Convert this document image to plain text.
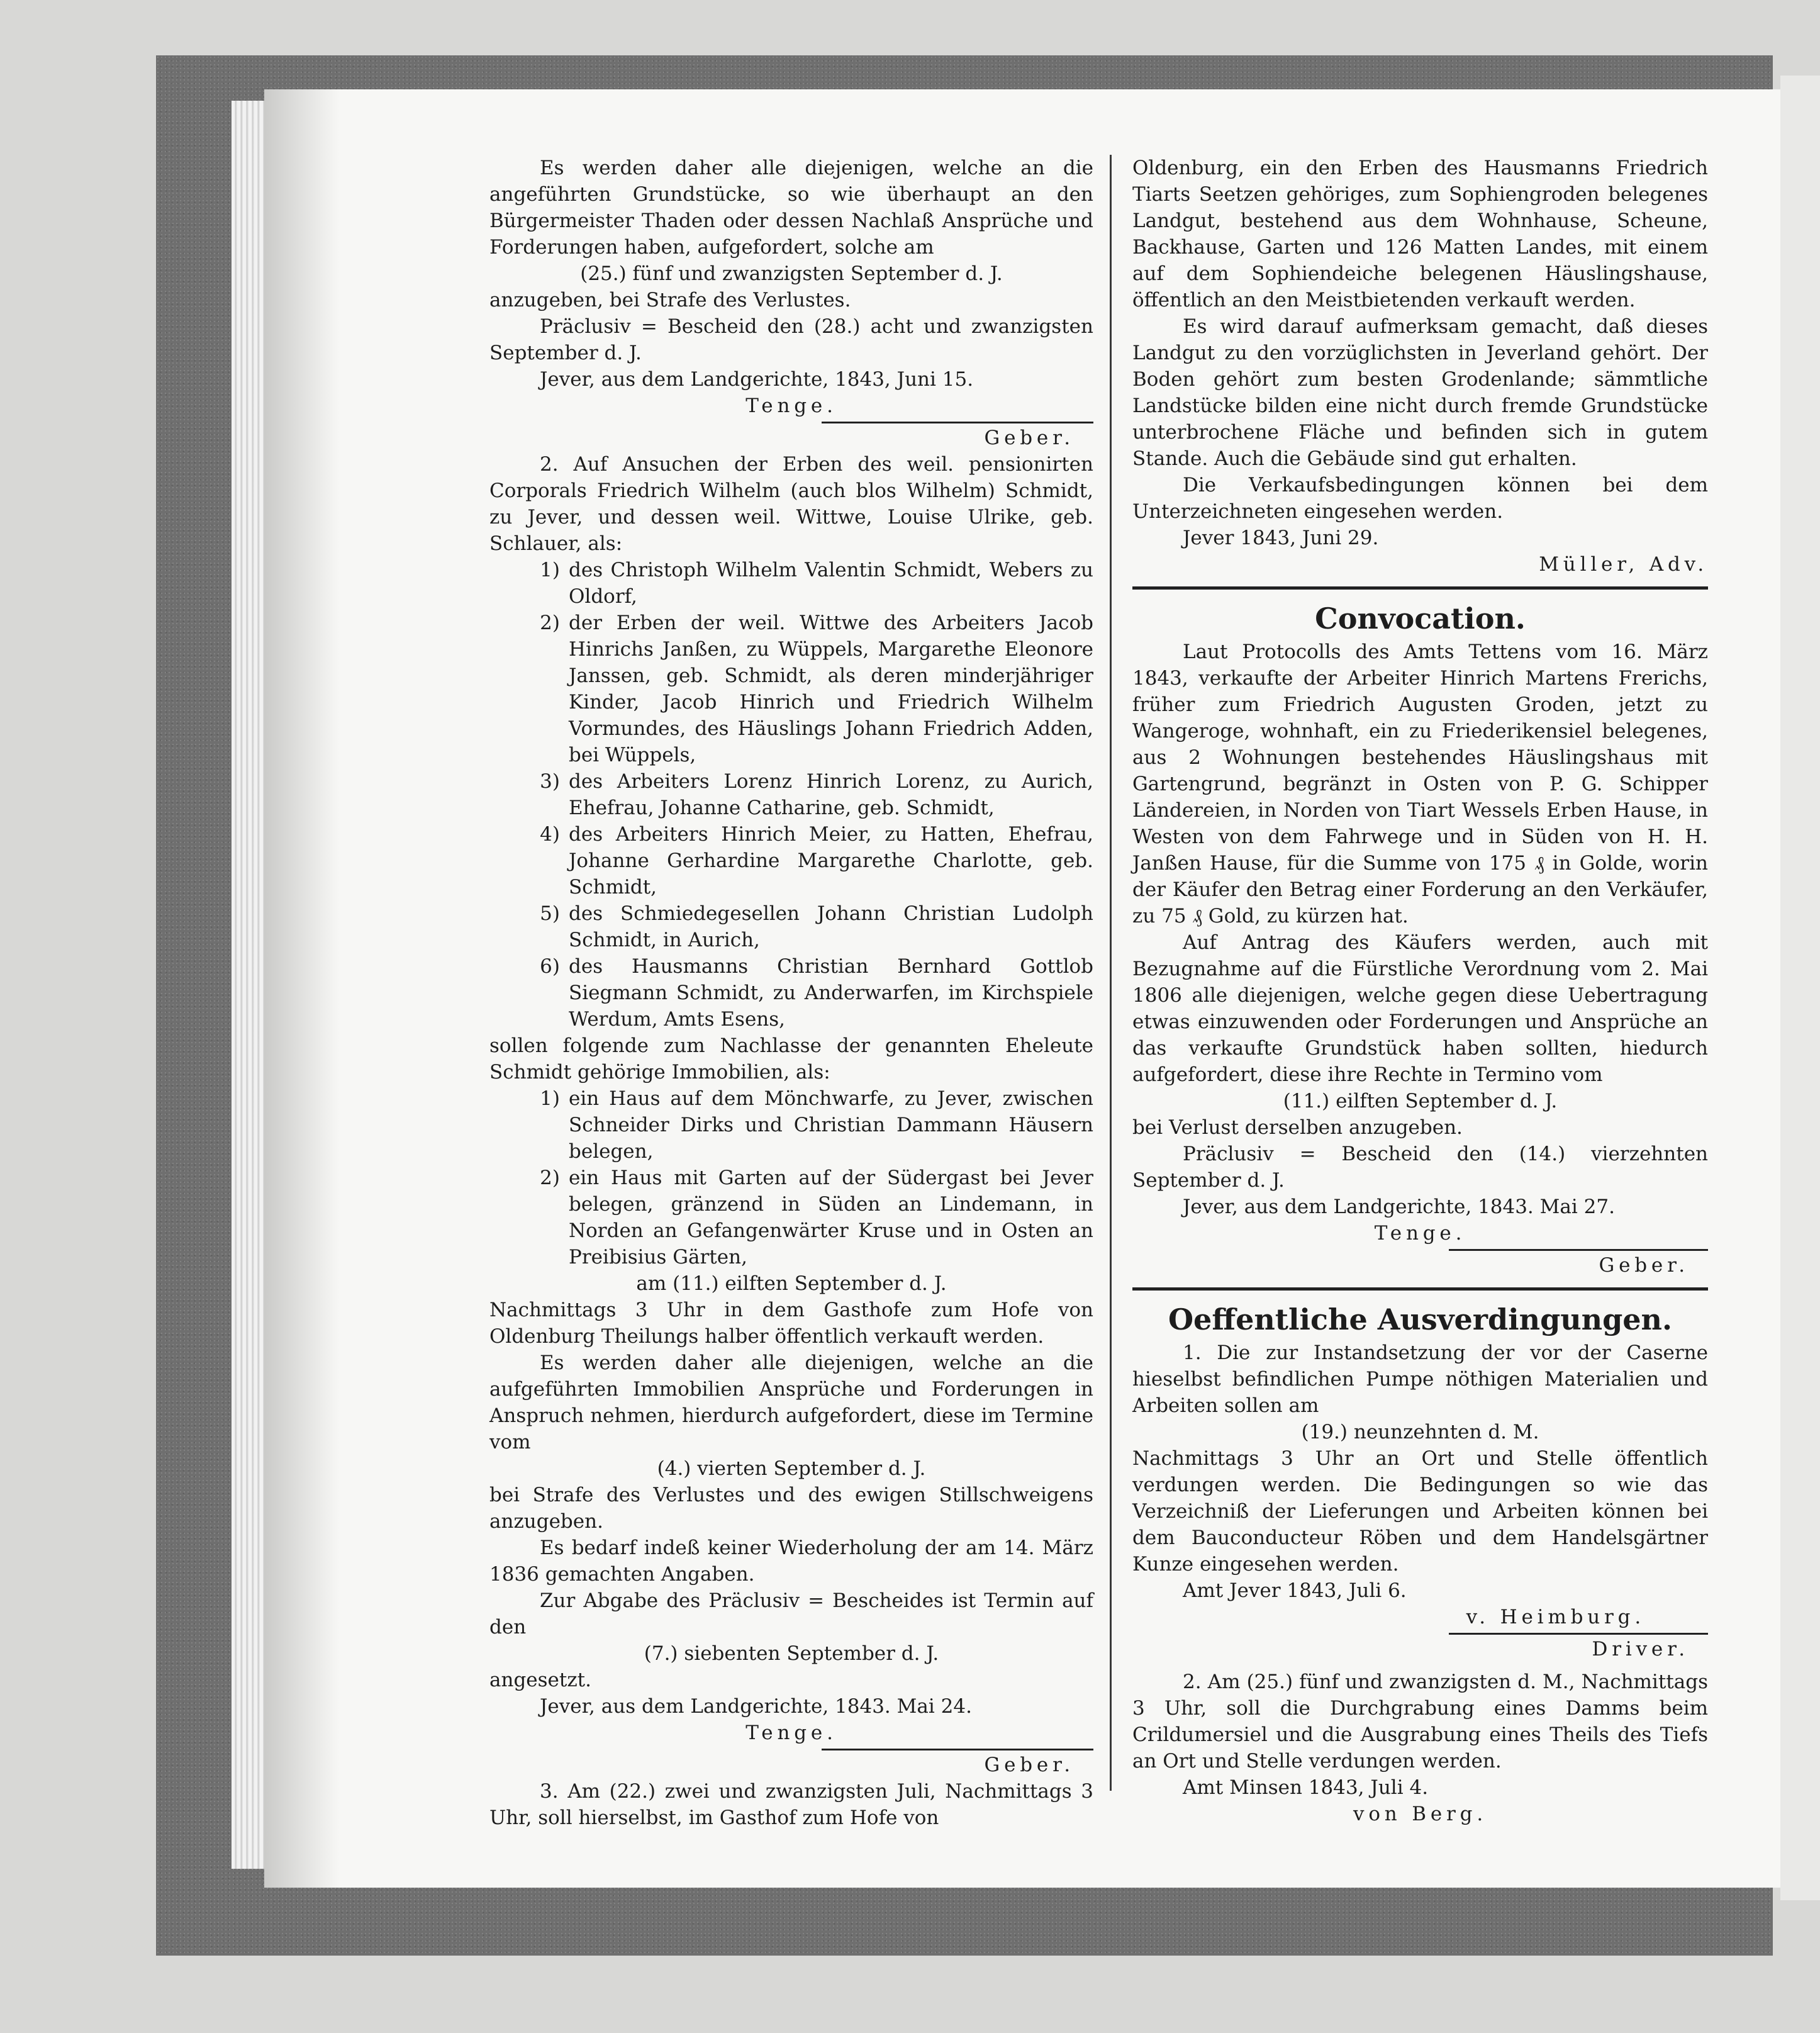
Es werden daher alle diejenigen, welche an die angeführten Grundstücke, so wie überhaupt an den Bürgermeister Thaden oder dessen Nachlaß Ansprüche und Forderungen haben, aufgefordert, solche am

(25.) fünf und zwanzigsten September d. J.

anzugeben, bei Strafe des Verlustes.

Präclusiv = Bescheid den (28.) acht und zwanzigsten September d. J.

Jever, aus dem Landgerichte, 1843, Juni 15.

Tenge.

Geber.

2. Auf Ansuchen der Erben des weil. pensionirten Corporals Friedrich Wilhelm (auch blos Wilhelm) Schmidt, zu Jever, und dessen weil. Wittwe, Louise Ulrike, geb. Schlauer, als:

1) des Christoph Wilhelm Valentin Schmidt, Webers zu Oldorf,
2) der Erben der weil. Wittwe des Arbeiters Jacob Hinrichs Janßen, zu Wüppels, Margarethe Eleonore Janssen, geb. Schmidt, als deren minderjähriger Kinder, Jacob Hinrich und Friedrich Wilhelm Vormundes, des Häuslings Johann Friedrich Adden, bei Wüppels,
3) des Arbeiters Lorenz Hinrich Lorenz, zu Aurich, Ehefrau, Johanne Catharine, geb. Schmidt,
4) des Arbeiters Hinrich Meier, zu Hatten, Ehefrau, Johanne Gerhardine Margarethe Charlotte, geb. Schmidt,
5) des Schmiedegesellen Johann Christian Ludolph Schmidt, in Aurich,
6) des Hausmanns Christian Bernhard Gottlob Siegmann Schmidt, zu Anderwarfen, im Kirchspiele Werdum, Amts Esens,

sollen folgende zum Nachlasse der genannten Eheleute Schmidt gehörige Immobilien, als:

1) ein Haus auf dem Mönchwarfe, zu Jever, zwischen Schneider Dirks und Christian Dammann Häusern belegen,
2) ein Haus mit Garten auf der Südergast bei Jever belegen, gränzend in Süden an Lindemann, in Norden an Gefangenwärter Kruse und in Osten an Preibisius Gärten,

am (11.) eilften September d. J.

Nachmittags 3 Uhr in dem Gasthofe zum Hofe von Oldenburg Theilungs halber öffentlich verkauft werden.

Es werden daher alle diejenigen, welche an die aufgeführten Immobilien Ansprüche und Forderungen in Anspruch nehmen, hierdurch aufgefordert, diese im Termine vom

(4.) vierten September d. J.

bei Strafe des Verlustes und des ewigen Stillschweigens anzugeben.

Es bedarf indeß keiner Wiederholung der am 14. März 1836 gemachten Angaben.

Zur Abgabe des Präclusiv = Bescheides ist Termin auf den

(7.) siebenten September d. J.

angesetzt.

Jever, aus dem Landgerichte, 1843. Mai 24.

Tenge.

Geber.

3. Am (22.) zwei und zwanzigsten Juli, Nachmittags 3 Uhr, soll hierselbst, im Gasthof zum Hofe von

Oldenburg, ein den Erben des Hausmanns Friedrich Tiarts Seetzen gehöriges, zum Sophiengroden belegenes Landgut, bestehend aus dem Wohnhause, Scheune, Backhause, Garten und 126 Matten Landes, mit einem auf dem Sophiendeiche belegenen Häuslingshause, öffentlich an den Meistbietenden verkauft werden.

Es wird darauf aufmerksam gemacht, daß dieses Landgut zu den vorzüglichsten in Jeverland gehört. Der Boden gehört zum besten Grodenlande; sämmtliche Landstücke bilden eine nicht durch fremde Grundstücke unterbrochene Fläche und befinden sich in gutem Stande. Auch die Gebäude sind gut erhalten.

Die Verkaufsbedingungen können bei dem Unterzeichneten eingesehen werden.

Jever 1843, Juni 29.

Müller, Adv.

Convocation.

Laut Protocolls des Amts Tettens vom 16. März 1843, verkaufte der Arbeiter Hinrich Martens Frerichs, früher zum Friedrich Augusten Groden, jetzt zu Wangeroge, wohnhaft, ein zu Friederikensiel belegenes, aus 2 Wohnungen bestehendes Häuslingshaus mit Gartengrund, begränzt in Osten von P. G. Schipper Ländereien, in Norden von Tiart Wessels Erben Hause, in Westen von dem Fahrwege und in Süden von H. H. Janßen Hause, für die Summe von 175 ₰ in Golde, worin der Käufer den Betrag einer Forderung an den Verkäufer, zu 75 ₰ Gold, zu kürzen hat.

Auf Antrag des Käufers werden, auch mit Bezugnahme auf die Fürstliche Verordnung vom 2. Mai 1806 alle diejenigen, welche gegen diese Uebertragung etwas einzuwenden oder Forderungen und Ansprüche an das verkaufte Grundstück haben sollten, hiedurch aufgefordert, diese ihre Rechte in Termino vom

(11.) eilften September d. J.

bei Verlust derselben anzugeben.

Präclusiv = Bescheid den (14.) vierzehnten September d. J.

Jever, aus dem Landgerichte, 1843. Mai 27.

Tenge.

Geber.

Oeffentliche Ausverdingungen.

1. Die zur Instandsetzung der vor der Caserne hieselbst befindlichen Pumpe nöthigen Materialien und Arbeiten sollen am

(19.) neunzehnten d. M.

Nachmittags 3 Uhr an Ort und Stelle öffentlich verdungen werden. Die Bedingungen so wie das Verzeichniß der Lieferungen und Arbeiten können bei dem Bauconducteur Röben und dem Handelsgärtner Kunze eingesehen werden.

Amt Jever 1843, Juli 6.

v. Heimburg.

Driver.

2. Am (25.) fünf und zwanzigsten d. M., Nachmittags 3 Uhr, soll die Durchgrabung eines Damms beim Crildumersiel und die Ausgrabung eines Theils des Tiefs an Ort und Stelle verdungen werden.

Amt Minsen 1843, Juli 4.

von Berg.
